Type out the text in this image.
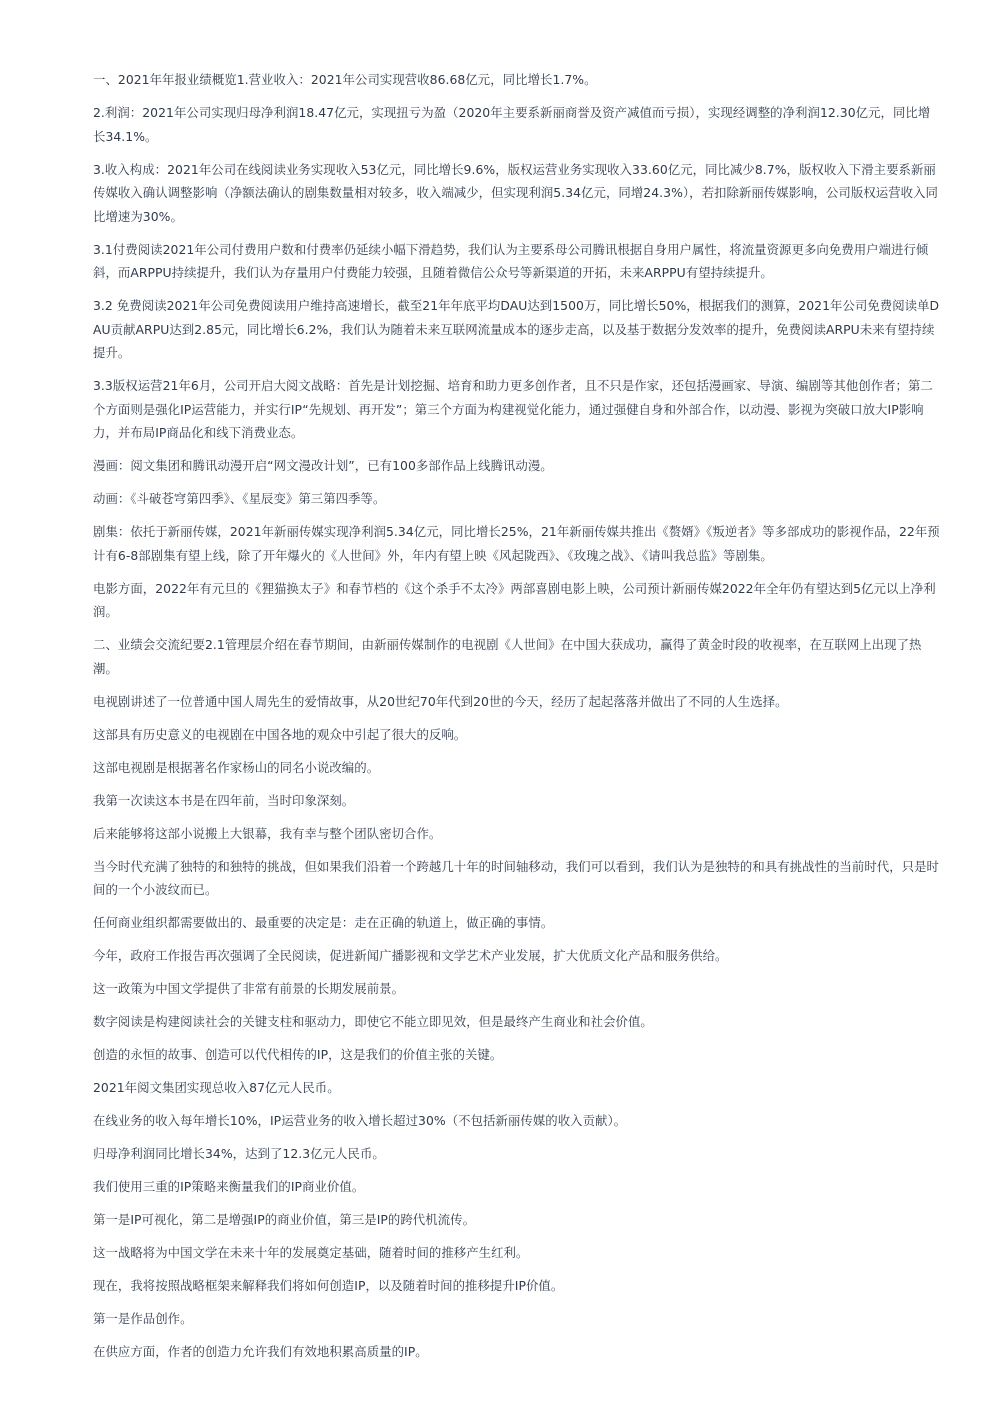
一、2021年年报业绩概览1.营业收入：2021年公司实现营收86.68亿元，同比增长1.7%。

2.利润：2021年公司实现归母净利润18.47亿元，实现扭亏为盈（2020年主要系新丽商誉及资产减值而亏损），实现经调整的净利润12.30亿元，同比增长34.1%。

3.收入构成：2021年公司在线阅读业务实现收入53亿元，同比增长9.6%，版权运营业务实现收入33.60亿元，同比减少8.7%，版权收入下滑主要系新丽传媒收入确认调整影响（净额法确认的剧集数量相对较多，收入端减少，但实现利润5.34亿元，同增24.3%），若扣除新丽传媒影响，公司版权运营收入同比增速为30%。

3.1付费阅读2021年公司付费用户数和付费率仍延续小幅下滑趋势，我们认为主要系母公司腾讯根据自身用户属性，将流量资源更多向免费用户端进行倾斜，而ARPPU持续提升，我们认为存量用户付费能力较强，且随着微信公众号等新渠道的开拓，未来ARPPU有望持续提升。

3.2 免费阅读2021年公司免费阅读用户维持高速增长，截至21年年底平均DAU达到1500万，同比增长50%，根据我们的测算，2021年公司免费阅读单DAU贡献ARPU达到2.85元，同比增长6.2%，我们认为随着未来互联网流量成本的逐步走高，以及基于数据分发效率的提升，免费阅读ARPU未来有望持续提升。

3.3版权运营21年6月，公司开启大阅文战略：首先是计划挖掘、培育和助力更多创作者，且不只是作家，还包括漫画家、导演、编剧等其他创作者；第二个方面则是强化IP运营能力，并实行IP“先规划、再开发”；第三个方面为构建视觉化能力，通过强健自身和外部合作，以动漫、影视为突破口放大IP影响力，并布局IP商品化和线下消费业态。

漫画：阅文集团和腾讯动漫开启“网文漫改计划”，已有100多部作品上线腾讯动漫。

动画：《斗破苍穹第四季》、《星辰变》第三第四季等。

剧集：依托于新丽传媒，2021年新丽传媒实现净利润5.34亿元，同比增长25%，21年新丽传媒共推出《赘婿》《叛逆者》等多部成功的影视作品，22年预计有6-8部剧集有望上线，除了开年爆火的《人世间》外，年内有望上映《风起陇西》、《玫瑰之战》、《请叫我总监》等剧集。

电影方面，2022年有元旦的《狸猫换太子》和春节档的《这个杀手不太冷》两部喜剧电影上映，公司预计新丽传媒2022年全年仍有望达到5亿元以上净利润。

二、业绩会交流纪要2.1管理层介绍在春节期间，由新丽传媒制作的电视剧《人世间》在中国大获成功，赢得了黄金时段的收视率，在互联网上出现了热潮。

电视剧讲述了一位普通中国人周先生的爱情故事，从20世纪70年代到20世的今天，经历了起起落落并做出了不同的人生选择。

这部具有历史意义的电视剧在中国各地的观众中引起了很大的反响。

这部电视剧是根据著名作家杨山的同名小说改编的。

我第一次读这本书是在四年前，当时印象深刻。

后来能够将这部小说搬上大银幕，我有幸与整个团队密切合作。

当今时代充满了独特的和独特的挑战，但如果我们沿着一个跨越几十年的时间轴移动，我们可以看到，我们认为是独特的和具有挑战性的当前时代，只是时间的一个小波纹而已。

任何商业组织都需要做出的、最重要的决定是：走在正确的轨道上，做正确的事情。

今年，政府工作报告再次强调了全民阅读，促进新闻广播影视和文学艺术产业发展，扩大优质文化产品和服务供给。

这一政策为中国文学提供了非常有前景的长期发展前景。

数字阅读是构建阅读社会的关键支柱和驱动力，即使它不能立即见效，但是最终产生商业和社会价值。

创造的永恒的故事、创造可以代代相传的IP，这是我们的价值主张的关键。

2021年阅文集团实现总收入87亿元人民币。

在线业务的收入每年增长10%，IP运营业务的收入增长超过30%（不包括新丽传媒的收入贡献）。

归母净利润同比增长34%，达到了12.3亿元人民币。

我们使用三重的IP策略来衡量我们的IP商业价值。

第一是IP可视化，第二是增强IP的商业价值，第三是IP的跨代机流传。

这一战略将为中国文学在未来十年的发展奠定基础，随着时间的推移产生红利。

现在，我将按照战略框架来解释我们将如何创造IP，以及随着时间的推移提升IP价值。

第一是作品创作。

在供应方面，作者的创造力允许我们有效地积累高质量的IP。
